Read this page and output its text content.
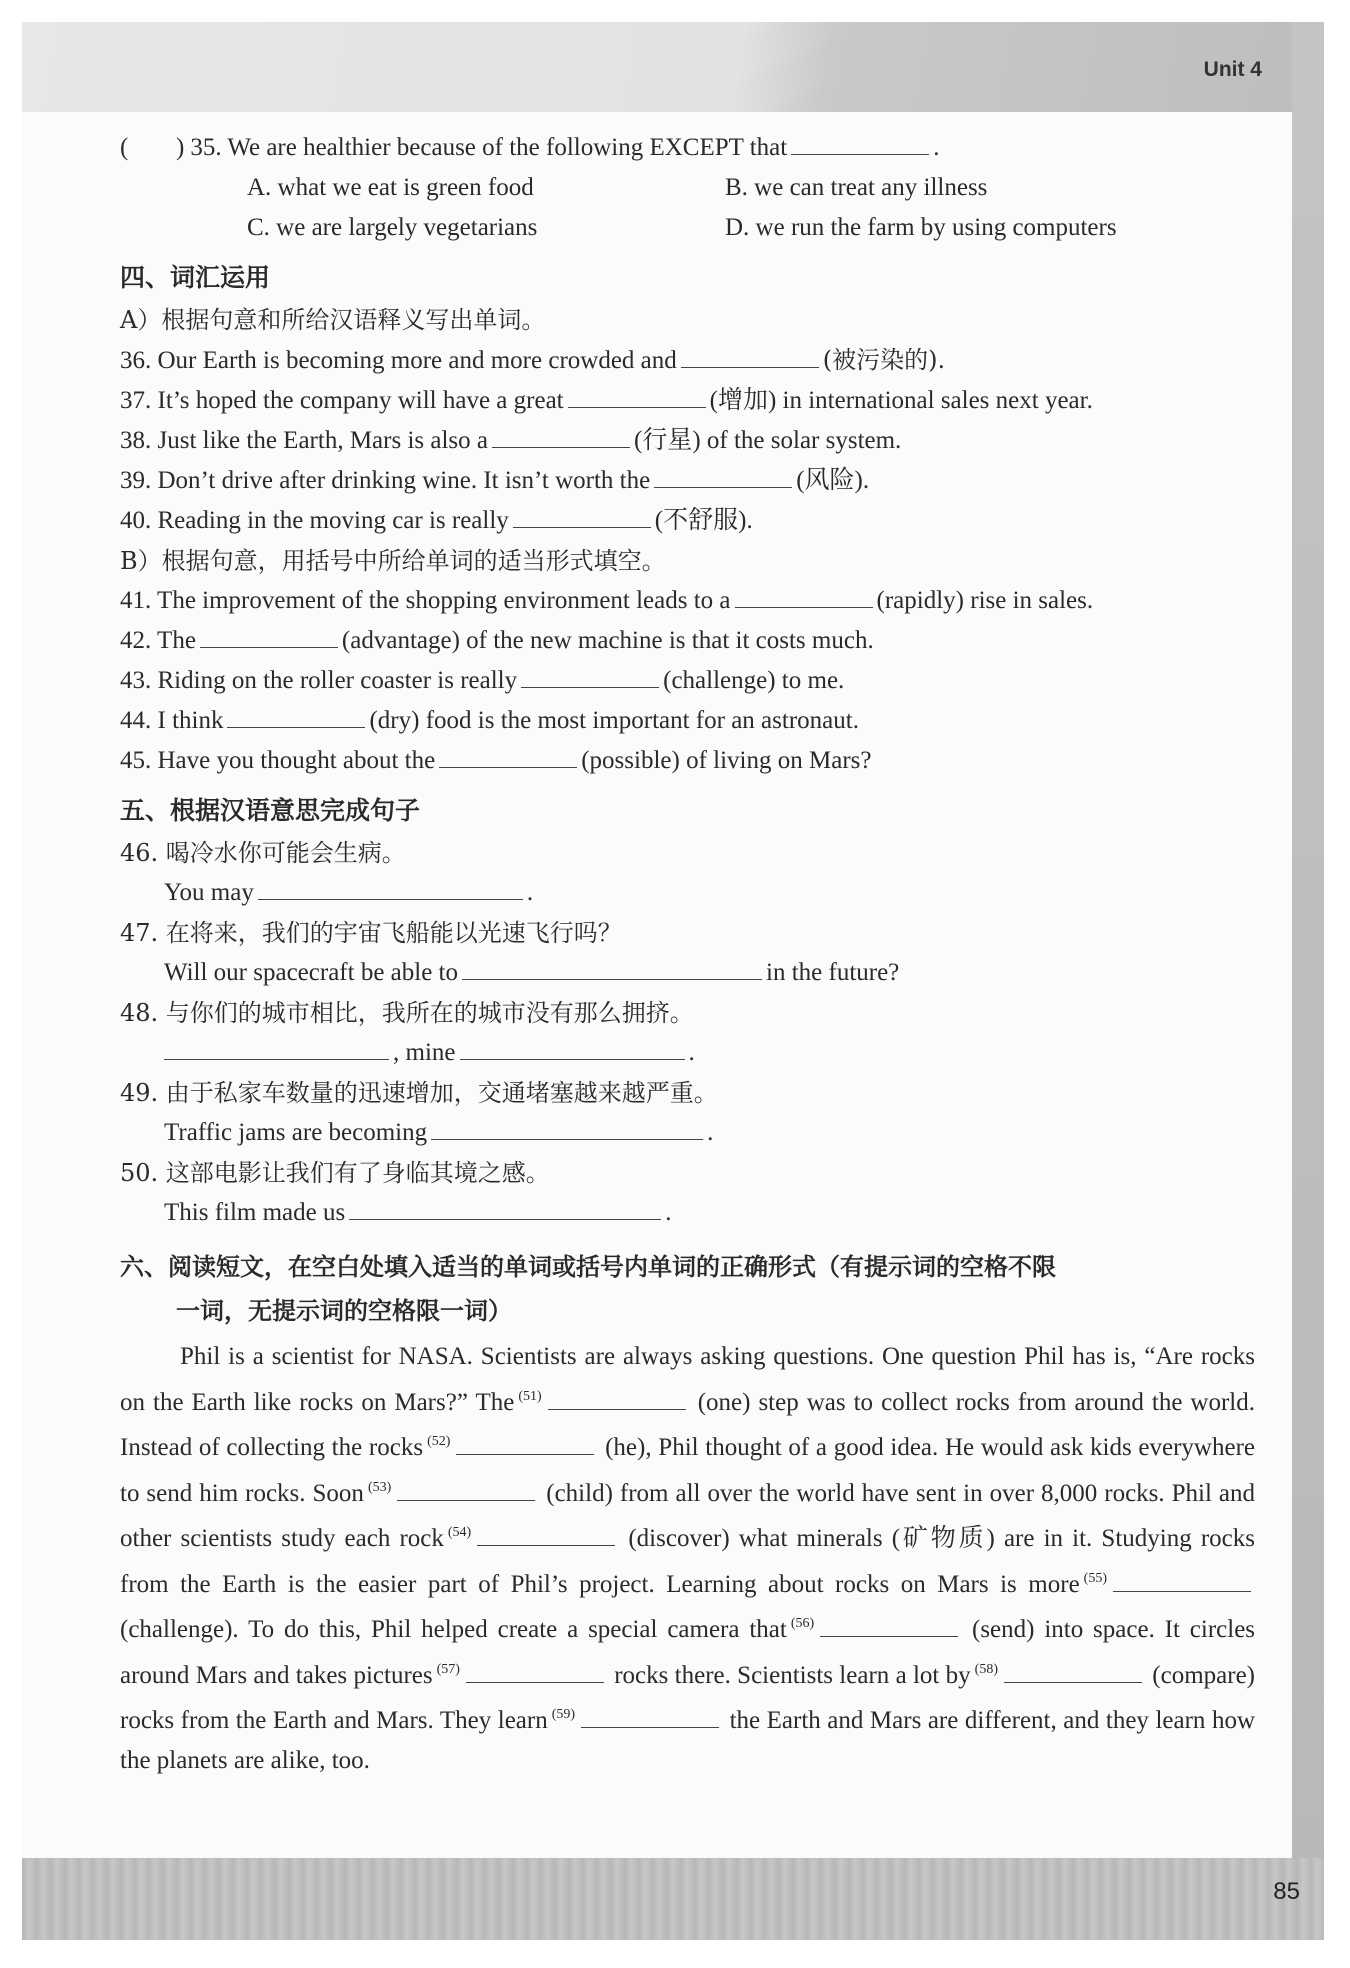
Unit 4
85
(	) 35. We are healthier because of the following EXCEPT that	.
A. what we eat is green food	B. we can treat any illness
C. we are largely vegetarians	D. we run the farm by using computers
四、词汇运用
A）根据句意和所给汉语释义写出单词。
36. Our Earth is becoming more and more crowded and	(被污染的).
37. It’s hoped the company will have a great	(增加) in international sales next year.
38. Just like the Earth, Mars is also a	(行星) of the solar system.
39. Don’t drive after drinking wine. It isn’t worth the	(风险).
40. Reading in the moving car is really	(不舒服).
B）根据句意，用括号中所给单词的适当形式填空。
41. The improvement of the shopping environment leads to a	(rapidly) rise in sales.
42. The	(advantage) of the new machine is that it costs much.
43. Riding on the roller coaster is really	(challenge) to me.
44. I think	(dry) food is the most important for an astronaut.
45. Have you thought about the	(possible) of living on Mars?
五、根据汉语意思完成句子
46. 喝冷水你可能会生病。
You may	.
47. 在将来，我们的宇宙飞船能以光速飞行吗？
Will our spacecraft be able to	in the future?
48. 与你们的城市相比，我所在的城市没有那么拥挤。
, mine	.
49. 由于私家车数量的迅速增加，交通堵塞越来越严重。
Traffic jams are becoming	.
50. 这部电影让我们有了身临其境之感。
This film made us	.
六、阅读短文，在空白处填入适当的单词或括号内单词的正确形式（有提示词的空格不限
一词，无提示词的空格限一词）

Phil is a scientist for NASA. Scientists are always asking questions. One question Phil has is, “Are rocks on the Earth like rocks on Mars?” The $^{(51)}$	(one) step was to collect rocks from around the world. Instead of collecting the rocks $^{(52)}$	(he), Phil thought of a good idea. He would ask kids everywhere to send him rocks. Soon $^{(53)}$	(child) from all over the world have sent in over 8,000 rocks. Phil and other scientists study each rock $^{(54)}$	(discover) what minerals (矿物质) are in it. Studying rocks from the Earth is the easier part of Phil’s project. Learning about rocks on Mars is more $^{(55)}$ (challenge). To do this, Phil helped create a special camera that $^{(56)}$	(send) into space. It circles around Mars and takes pictures $^{(57)}$	rocks there. Scientists learn a lot by $^{(58)}$	(compare) rocks from the Earth and Mars. They learn $^{(59)}$	the Earth and Mars are different, and they learn how the planets are alike, too.
